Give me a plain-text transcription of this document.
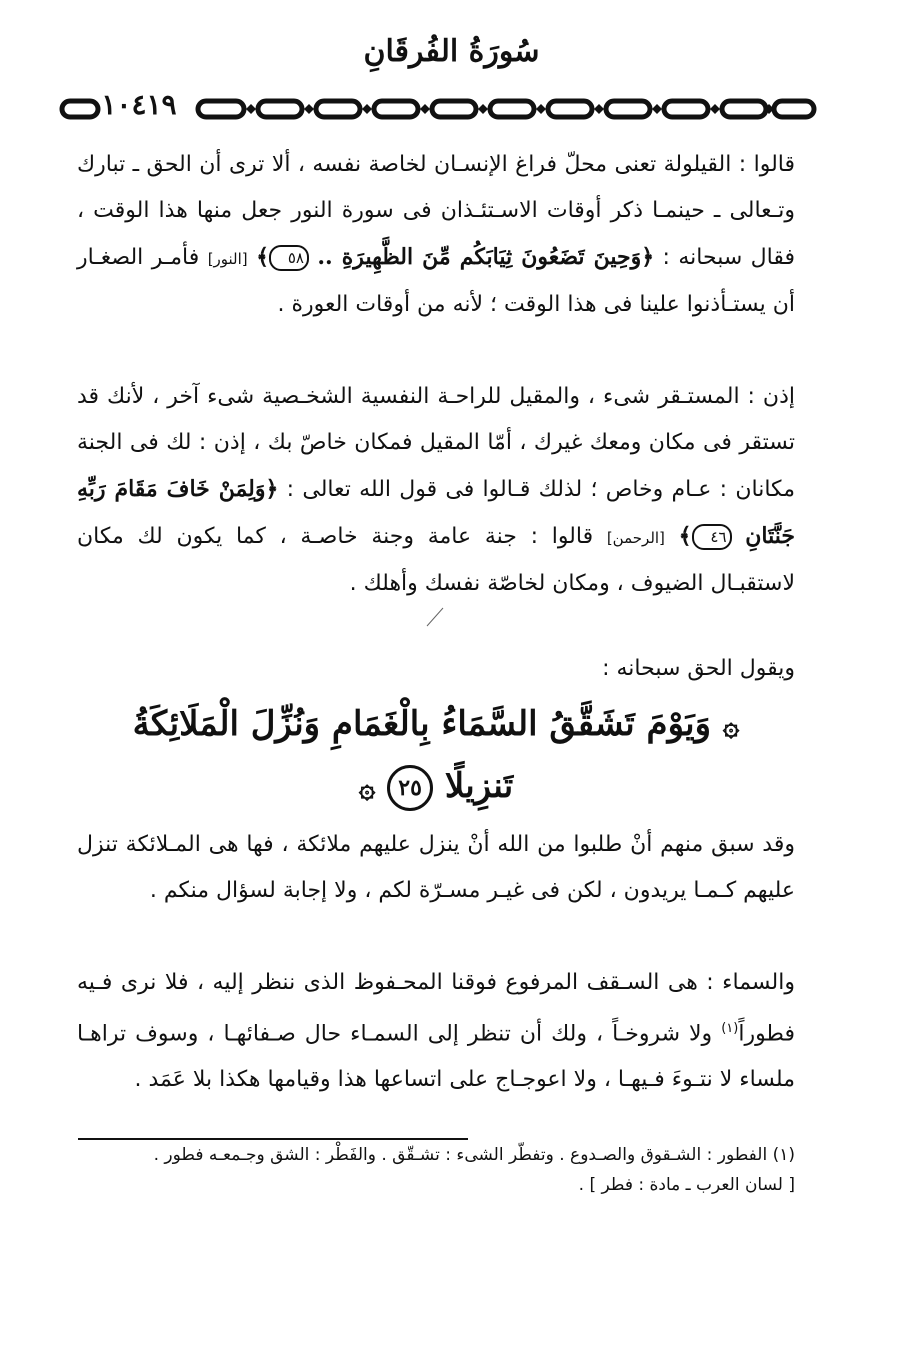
سُورَةُ الفُرقَانِ
١٠٤١٩

قالوا : القيلولة تعنى محلّ فراغ الإنسـان لخاصة نفسه ، ألا ترى أن الحق ـ تبارك وتـعالى ـ حينمـا ذكر أوقات الاسـتئـذان فى سورة النور جعل منها هذا الوقت ، فقال سبحانه : ﴿وَحِينَ تَضَعُونَ ثِيَابَكُم مِّنَ الظَّهِيرَةِ .. ٥٨﴾ [النور] فأمـر الصغـار أن يستـأذنوا علينا فى هذا الوقت ؛ لأنه من أوقات العورة .

إذن : المستـقر شىء ، والمقيل للراحـة النفسية الشخـصية شىء آخر ، لأنك قد تستقر فى مكان ومعك غيرك ، أمّا المقيل فمكان خاصّ بك ، إذن : لك فى الجنة مكانان : عـام وخاص ؛ لذلك قـالوا فى قول الله تعالى : ﴿وَلِمَنْ خَافَ مَقَامَ رَبِّهِ جَنَّتَانِ ٤٦﴾ [الرحمن] قالوا : جنة عامة وجنة خاصـة ، كما يكون لك مكان لاستقبـال الضيوف ، ومكان لخاصّة نفسك وأهلك .

ويقول الحق سبحانه :

۞ وَيَوْمَ تَشَقَّقُ السَّمَاءُ بِالْغَمَامِ وَنُزِّلَ الْمَلَائِكَةُ
تَنزِيلًا ٢٥ ۞

وقد سبق منهم أنْ طلبوا من الله أنْ ينزل عليهم ملائكة ، فها هى المـلائكة تنزل عليهم كـمـا يريدون ، لكن فى غيـر مسـرّة لكم ، ولا إجابة لسؤال منكم .

والسماء : هى السـقف المرفوع فوقنا المحـفوظ الذى ننظر إليه ، فلا نرى فـيه فطوراً$^{(١)}$ ولا شروخـاً ، ولك أن تنظر إلى السمـاء حال صـفائهـا ، وسوف تراهـا ملساء لا نتـوءَ فـيهـا ، ولا اعوجـاج على اتساعها هذا وقيامها هكذا بلا عَمَد .

(١) الفطور : الشـقوق والصـدوع . وتفطّر الشىء : تشـقّق . والفَطْر : الشق وجـمعـه فطور .
[ لسان العرب ـ مادة : فطر ] .
